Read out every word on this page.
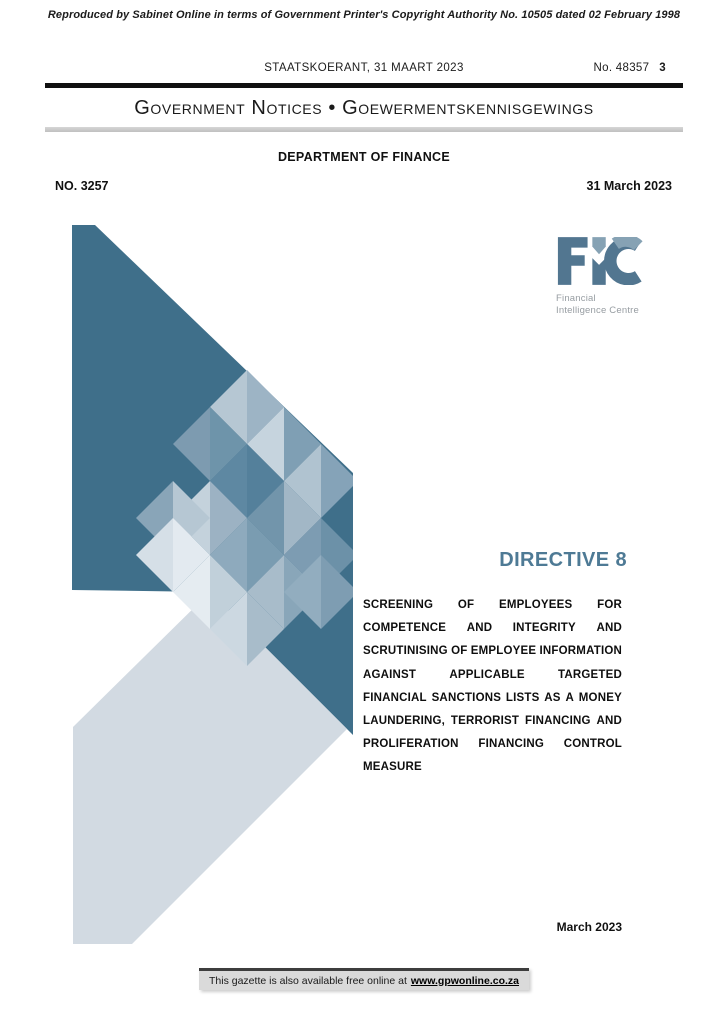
Reproduced by Sabinet Online in terms of Government Printer's Copyright Authority No. 10505 dated 02 February 1998
STAATSKOERANT, 31 MAART 2023	No. 48357 3
Government Notices • Goewermentskennisgewings
DEPARTMENT OF FINANCE
NO. 3257	31 March 2023
Financial
Intelligence Centre
DIRECTIVE 8
SCREENING OF EMPLOYEES FOR
COMPETENCE AND INTEGRITY AND
SCRUTINISING OF EMPLOYEE INFORMATION
AGAINST	APPLICABLE	TARGETED
FINANCIAL SANCTIONS LISTS AS A MONEY
LAUNDERING, TERRORIST FINANCING AND
PROLIFERATION FINANCING CONTROL
MEASURE
March 2023
This gazette is also available free online at www.gpwonline.co.za
